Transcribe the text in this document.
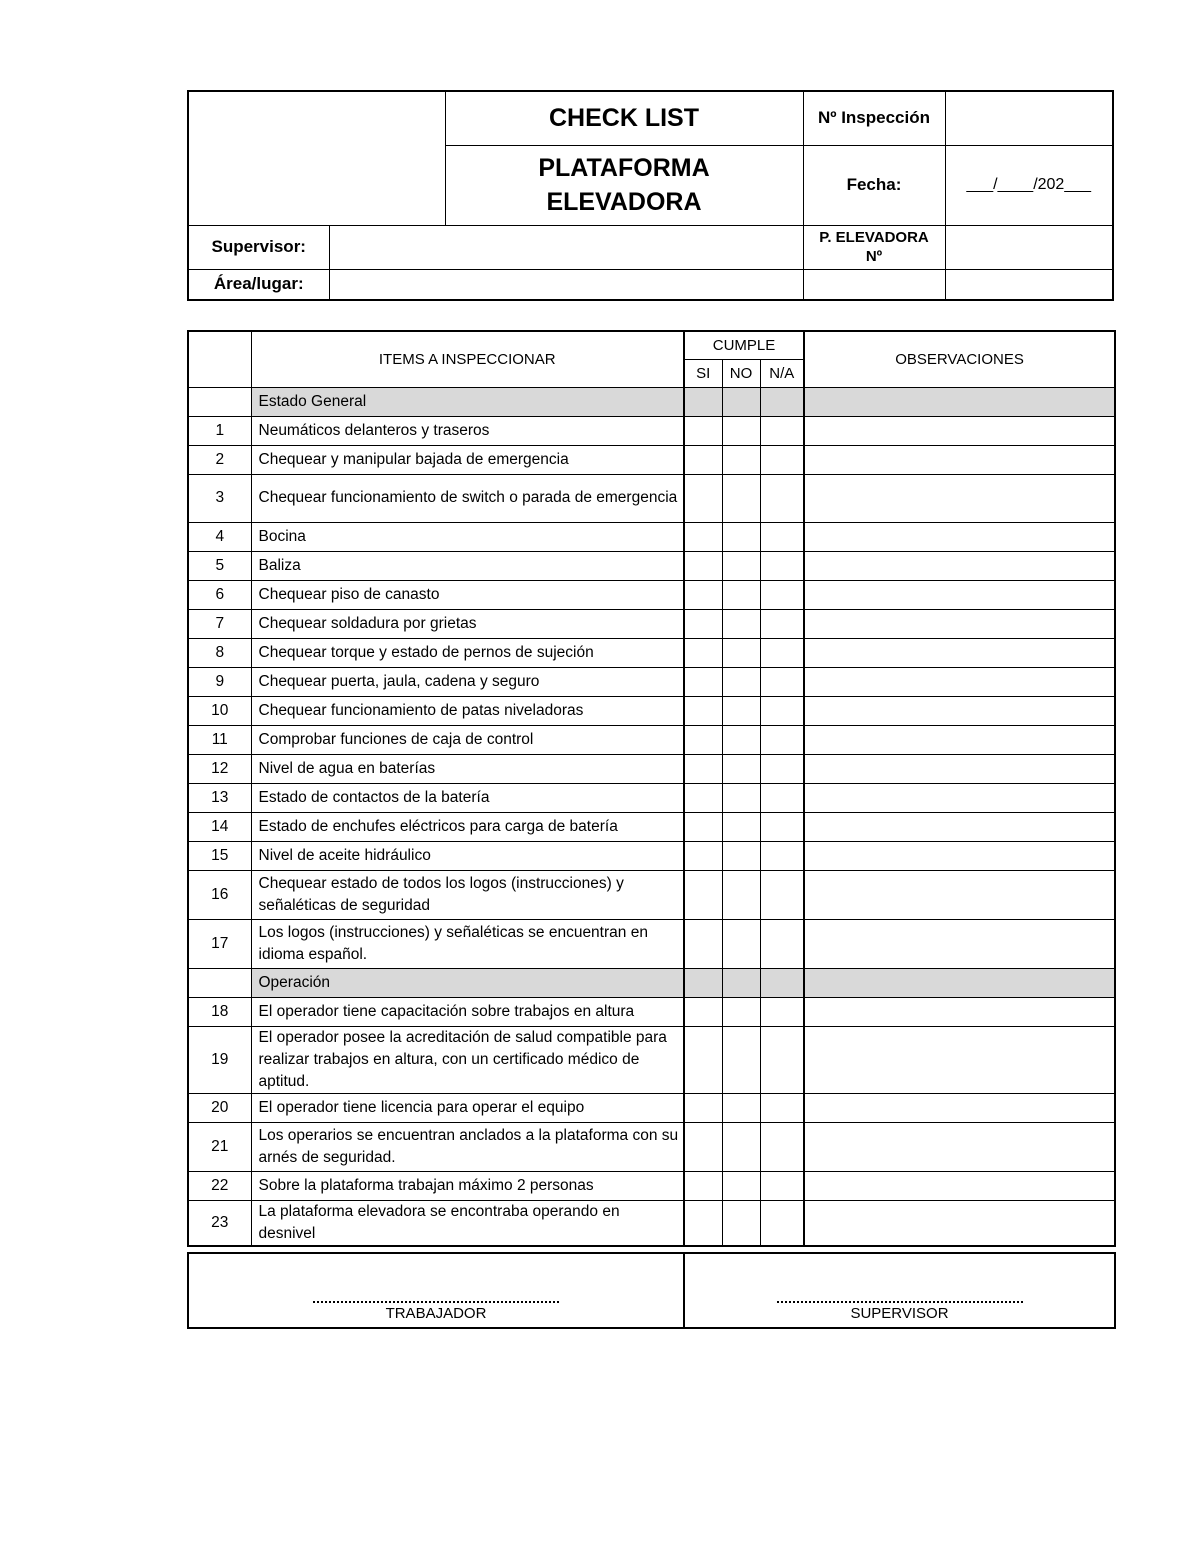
		CHECK LIST	Nº Inspección	

		PLATAFORMA
ELEVADORA	Fecha:	___/____/202___
Supervisor:			P. ELEVADORA
Nº	

Área/lugar:				
	ITEMS A INSPECCIONAR	CUMPLE			OBSERVACIONES
		SI	NO	N/A	
	Estado General				
1	Neumáticos delanteros y traseros				
2	Chequear y manipular bajada de emergencia				
3	Chequear funcionamiento de switch o parada de emergencia				
4	Bocina				
5	Baliza				
6	Chequear piso de canasto				
7	Chequear soldadura por grietas				
8	Chequear torque y estado de pernos de sujeción				
9	Chequear puerta, jaula, cadena y seguro				
10	Chequear funcionamiento de patas niveladoras				
11	Comprobar funciones de caja de control				
12	Nivel de agua en baterías				
13	Estado de contactos de la batería				
14	Estado de enchufes eléctricos para carga de batería				
15	Nivel de aceite hidráulico				
16	Chequear estado de todos los logos (instrucciones) y señaléticas de seguridad				
17	Los logos (instrucciones) y señaléticas se encuentran en idioma español.				
	Operación				
18	El operador tiene capacitación sobre trabajos en altura				
19	El operador posee la acreditación de salud compatible para realizar trabajos en altura, con un certificado médico de aptitud.				
20	El operador tiene licencia para operar el equipo				
21	Los operarios se encuentran anclados a la plataforma con su arnés de seguridad.				
22	Sobre la plataforma trabajan máximo 2 personas				
23	La plataforma elevadora se encontraba operando en desnivel				
TRABAJADOR	SUPERVISOR
